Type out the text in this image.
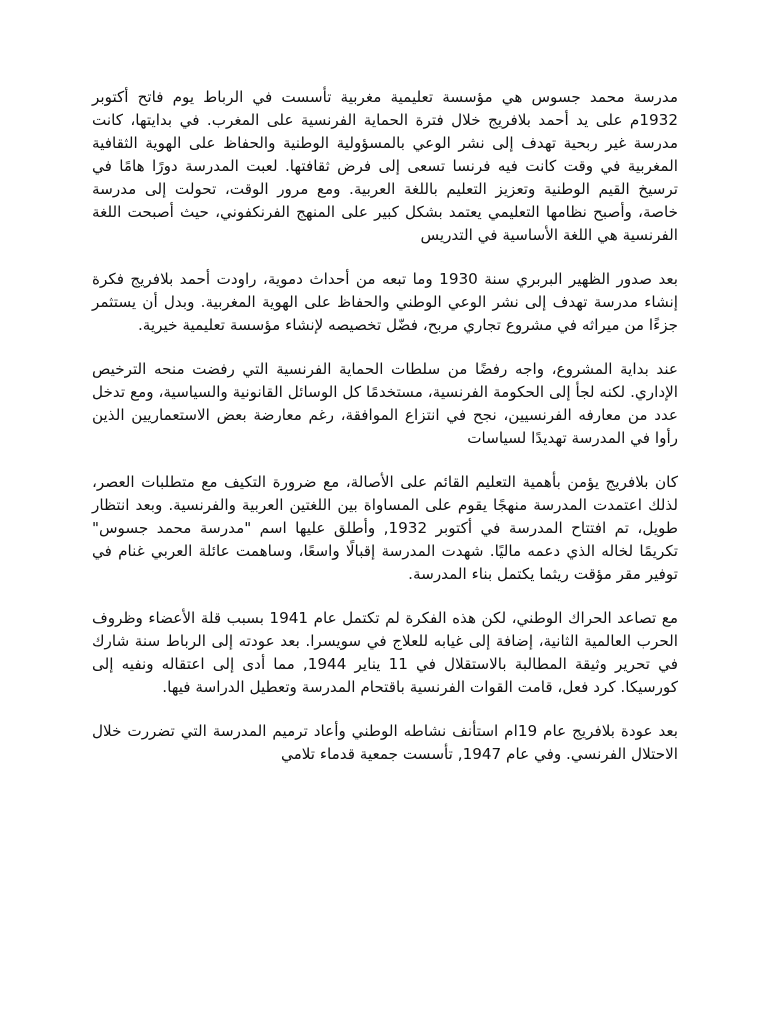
مدرسة محمد جسوس هي مؤسسة تعليمية مغربية تأسست في الرباط يوم فاتح أكتوبر 1932م على يد أحمد بلافريج خلال فترة الحماية الفرنسية على المغرب. في بدايتها، كانت مدرسة غير ربحية تهدف إلى نشر الوعي بالمسؤولية الوطنية والحفاظ على الهوية الثقافية المغربية في وقت كانت فيه فرنسا تسعى إلى فرض ثقافتها. لعبت المدرسة دورًا هامًا في ترسيخ القيم الوطنية وتعزيز التعليم باللغة العربية. ومع مرور الوقت، تحولت إلى مدرسة خاصة، وأصبح نظامها التعليمي يعتمد بشكل كبير على المنهج الفرنكفوني، حيث أصبحت اللغة الفرنسية هي اللغة الأساسية في التدريس

بعد صدور الظهير البربري سنة 1930 وما تبعه من أحداث دموية، راودت أحمد بلافريج فكرة إنشاء مدرسة تهدف إلى نشر الوعي الوطني والحفاظ على الهوية المغربية. وبدل أن يستثمر جزءًا من ميراثه في مشروع تجاري مربح، فضّل تخصيصه لإنشاء مؤسسة تعليمية خيرية.

عند بداية المشروع، واجه رفضًا من سلطات الحماية الفرنسية التي رفضت منحه الترخيص الإداري. لكنه لجأ إلى الحكومة الفرنسية، مستخدمًا كل الوسائل القانونية والسياسية، ومع تدخل عدد من معارفه الفرنسيين، نجح في انتزاع الموافقة، رغم معارضة بعض الاستعماريين الذين رأوا في المدرسة تهديدًا لسياسات

كان بلافريج يؤمن بأهمية التعليم القائم على الأصالة، مع ضرورة التكيف مع متطلبات العصر، لذلك اعتمدت المدرسة منهجًا يقوم على المساواة بين اللغتين العربية والفرنسية. وبعد انتظار طويل، تم افتتاح المدرسة في أكتوبر 1932, وأطلق عليها اسم "مدرسة محمد جسوس" تكريمًا لخاله الذي دعمه ماليًا. شهدت المدرسة إقبالًا واسعًا، وساهمت عائلة العربي غنام في توفير مقر مؤقت ريثما يكتمل بناء المدرسة.

مع تصاعد الحراك الوطني، لكن هذه الفكرة لم تكتمل عام 1941 بسبب قلة الأعضاء وظروف الحرب العالمية الثانية، إضافة إلى غيابه للعلاج في سويسرا. بعد عودته إلى الرباط سنة شارك في تحرير وثيقة المطالبة بالاستقلال في 11 يناير 1944, مما أدى إلى اعتقاله ونفيه إلى كورسيكا. كرد فعل، قامت القوات الفرنسية باقتحام المدرسة وتعطيل الدراسة فيها.

بعد عودة بلافريج عام 19ام استأنف نشاطه الوطني وأعاد ترميم المدرسة التي تضررت خلال الاحتلال الفرنسي. وفي عام 1947, تأسست جمعية قدماء تلامي
